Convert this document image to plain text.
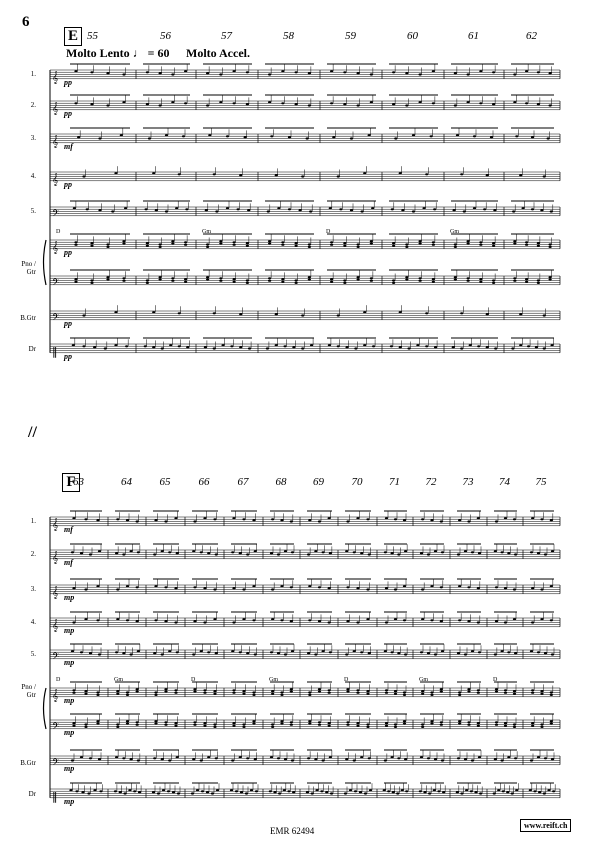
6
E
Molto Lento ♩ = 60 Molto Accel.
55	56	57	58	59	60	61	62
F
63	64	65	66	67 68 69	70 71 72 73 74 75
//
1.
pp
2.
pp
3.
mf
4.
pp
5.
Pno / Gtr
pp
B.Gtr
pp
Dr
pp
D	Gm	D	Gm
1.
mf
2.
mf
3.
mp
4.
mp
5.
mp
Pno / Gtr
mp
mp
B.Gtr
mp
Dr
mp
D	Gm	D	Gm	D	Gm	D
𝄞
𝄞
𝄞
𝄞
𝄢
𝄞
𝄢
𝄢
‖
𝄞
𝄞
𝄞
𝄞
𝄢
𝄞
𝄢
𝄢
‖
EMR 62494
www.reift.ch
